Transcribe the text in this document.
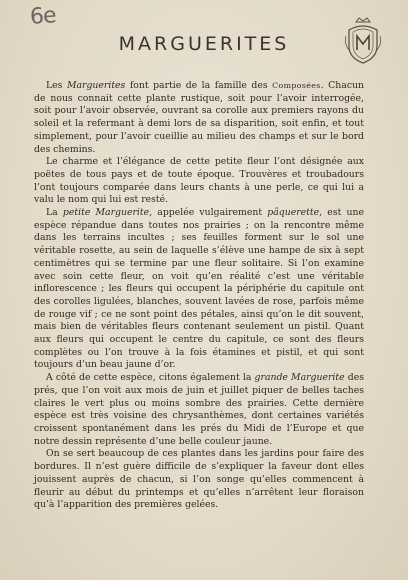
6e
MARGUERITES

Les Marguerites font partie de la famille des Composées. Chacun de nous connait cette plante rustique, soit pour l’avoir interrogée, soit pour l’avoir observée, ouvrant sa corolle aux premiers rayons du soleil et la refermant à demi lors de sa disparition, soit enfin, et tout simplement, pour l’avoir cueillie au milieu des champs et sur le bord des chemins.

Le charme et l’élégance de cette petite fleur l’ont désignée aux poëtes de tous pays et de toute époque. Trouvères et troubadours l’ont toujours comparée dans leurs chants à une perle, ce qui lui a valu le nom qui lui est resté.

La petite Marguerite, appelée vulgairement pâquerette, est une espèce répandue dans toutes nos prairies ; on la rencontre même dans les terrains incultes ; ses feuilles forment sur le sol une véritable rosette, au sein de laquelle s’élève une hampe de six à sept centimètres qui se termine par une fleur solitaire. Si l’on examine avec soin cette fleur, on voit qu’en réalité c’est une véritable inflorescence ; les fleurs qui occupent la périphérie du capitule ont des corolles ligulées, blanches, souvent lavées de rose, parfois même de rouge vif ; ce ne sont point des pétales, ainsi qu’on le dit souvent, mais bien de véritables fleurs contenant seulement un pistil. Quant aux fleurs qui occupent le centre du capitule, ce sont des fleurs complètes ou l’on trouve à la fois étamines et pistil, et qui sont toujours d’un beau jaune d’or.

A côté de cette espèce, citons également la grande Marguerite des prés, que l’on voit aux mois de juin et juillet piquer de belles taches claires le vert plus ou moins sombre des prairies. Cette dernière espèce est très voisine des chrysanthèmes, dont certaines variétés croissent spontanément dans les prés du Midi de l’Europe et que notre dessin représente d’une belle couleur jaune.

On se sert beaucoup de ces plantes dans les jardins pour faire des bordures. Il n’est guère difficile de s’expliquer la faveur dont elles jouissent auprès de chacun, si l’on songe qu’elles commencent à fleurir au début du printemps et qu’elles n’arrêtent leur floraison qu’à l’apparition des premières gelées.
